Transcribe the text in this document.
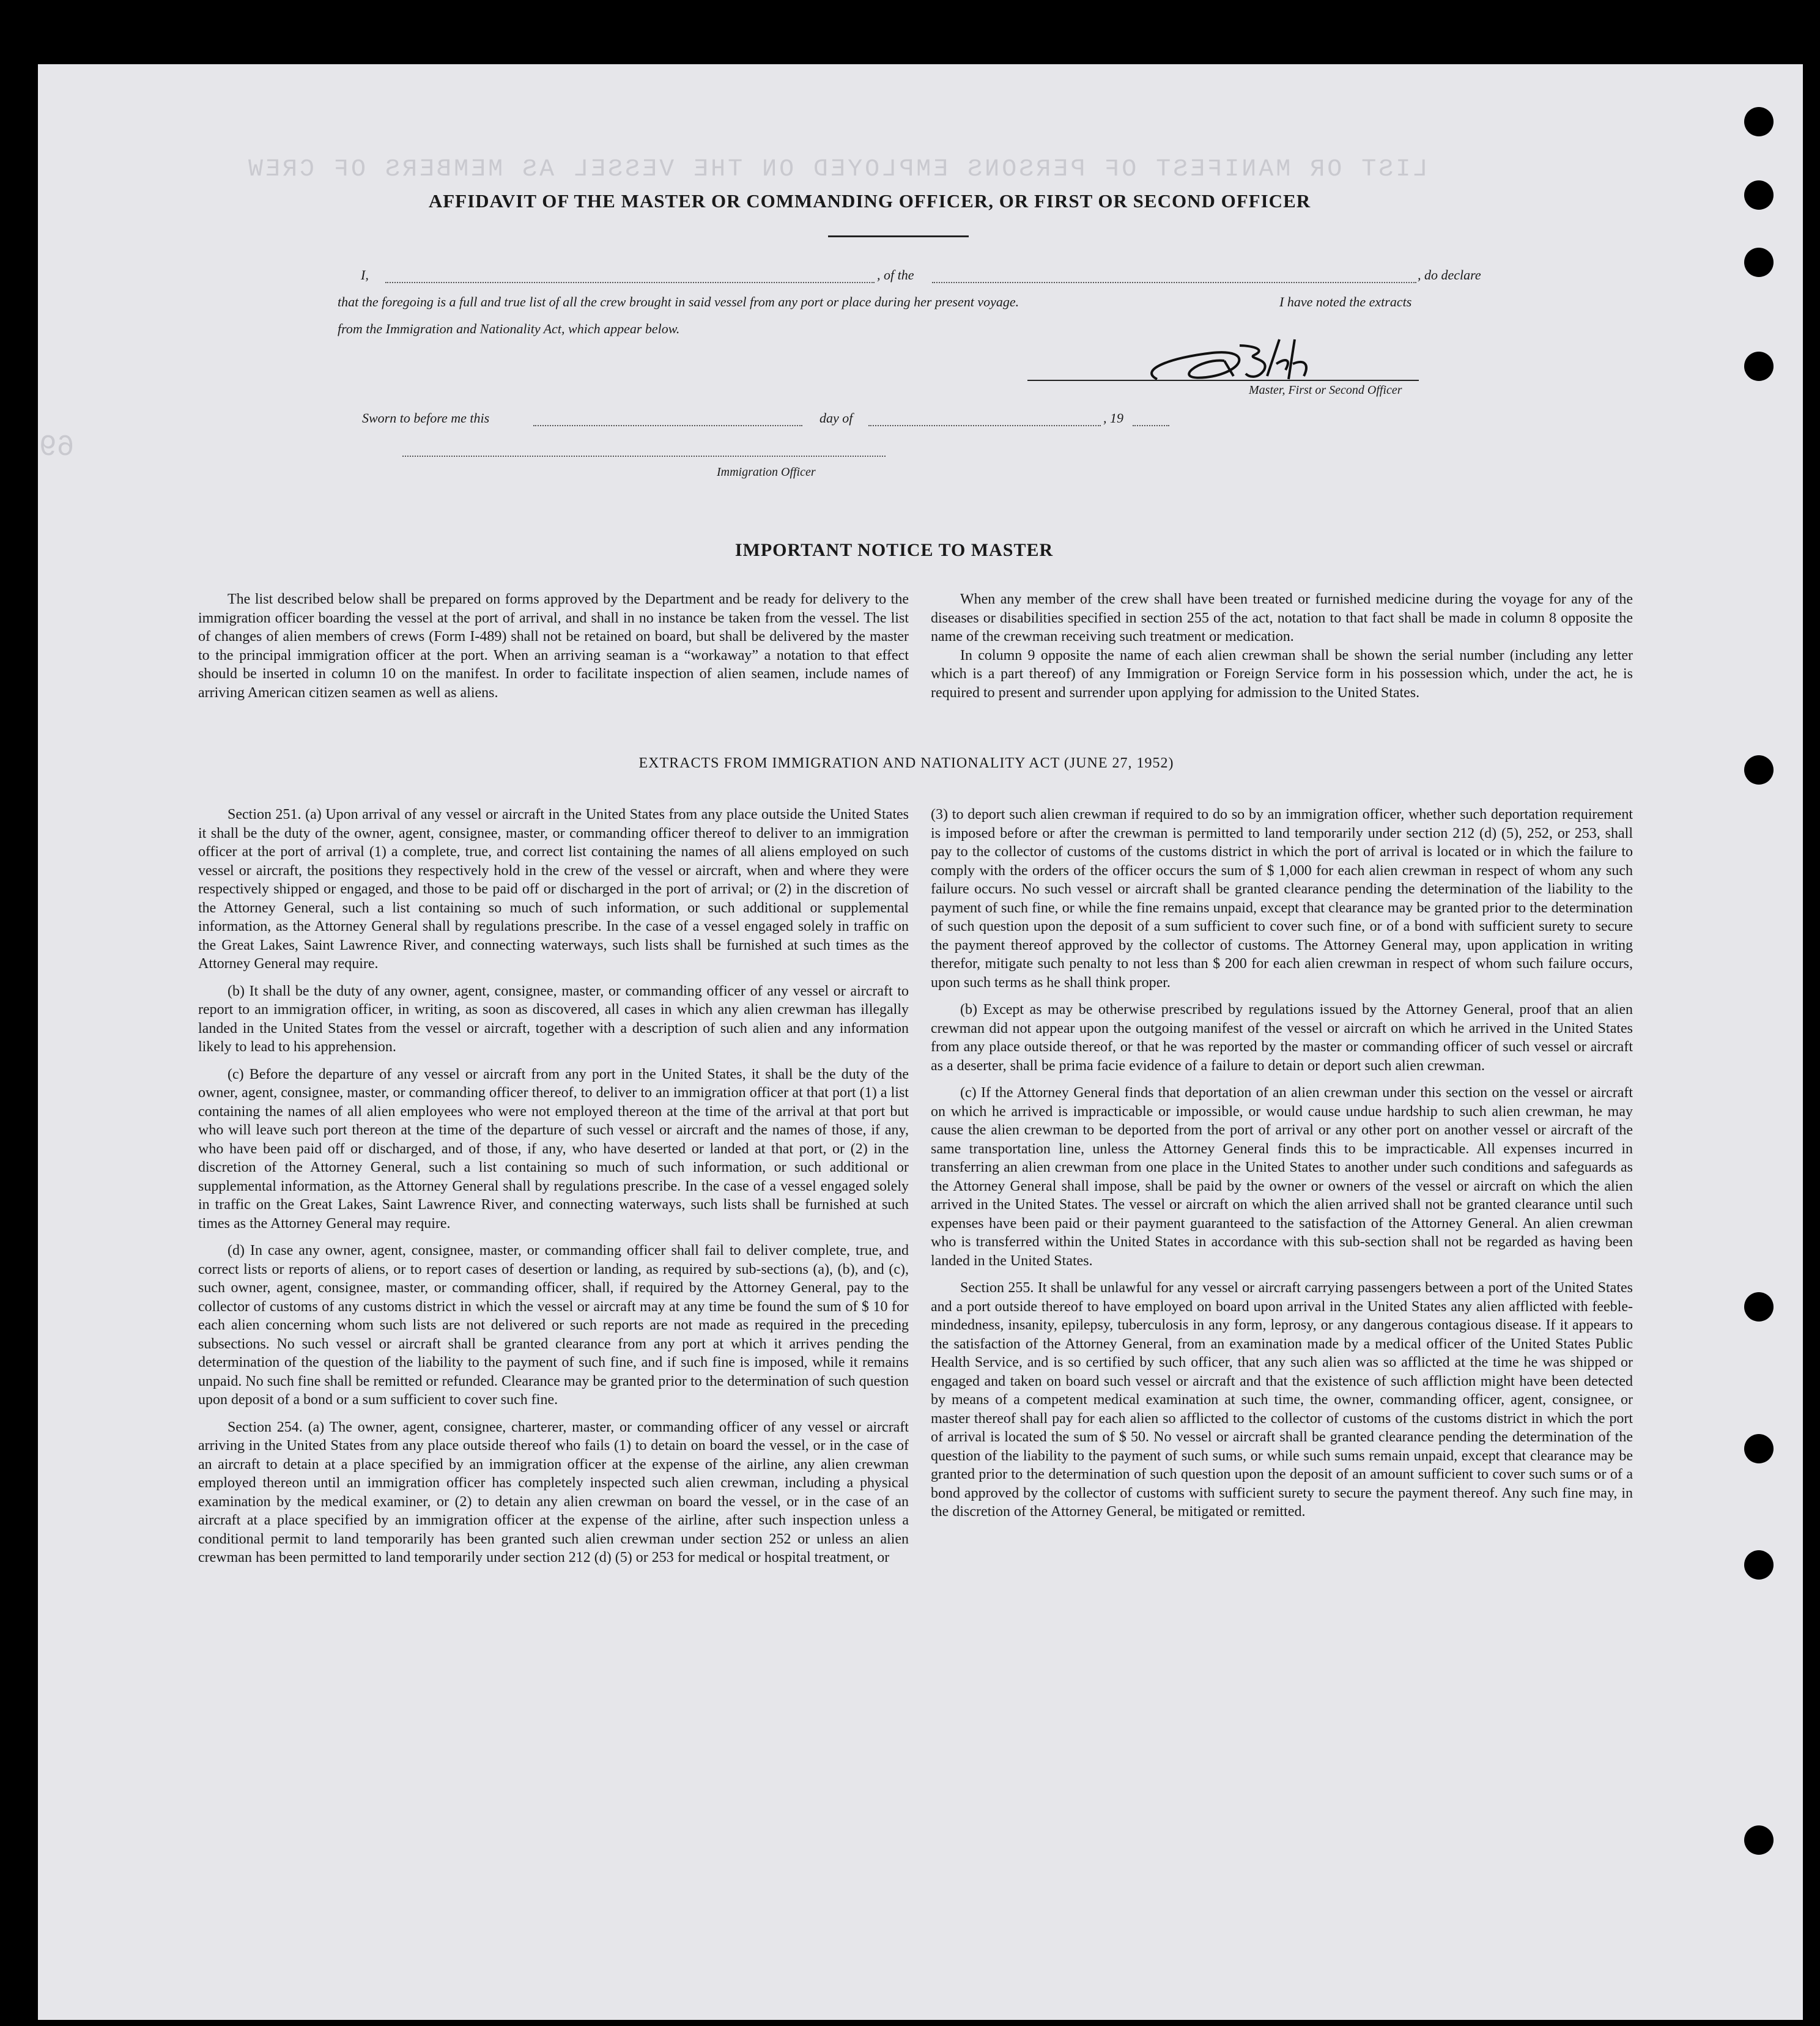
LIST OR MANIFEST OF PERSONS EMPLOYED ON THE VESSEL AS MEMBERS OF CREW
69
AFFIDAVIT OF THE MASTER OR COMMANDING OFFICER, OR FIRST OR SECOND OFFICER
I,	, of the	, do declare
that the foregoing is a full and true list of all the crew brought in said vessel from any port or place during her present voyage.	I have noted the extracts
from the Immigration and Nationality Act, which appear below.
Master, First or Second Officer
Sworn to before me this	day of	, 19
Immigration Officer
IMPORTANT NOTICE TO MASTER

The list described below shall be prepared on forms approved by the Department and be ready for delivery to the immigration officer boarding the vessel at the port of arrival, and shall in no instance be taken from the vessel. The list of changes of alien members of crews (Form I-489) shall not be retained on board, but shall be delivered by the master to the principal immigration officer at the port. When an arriving seaman is a “workaway” a notation to that effect should be inserted in column 10 on the manifest. In order to facilitate inspection of alien seamen, include names of arriving American citizen seamen as well as aliens.

When any member of the crew shall have been treated or furnished medicine during the voyage for any of the diseases or disabilities specified in section 255 of the act, notation to that fact shall be made in column 8 opposite the name of the crewman receiving such treatment or medication.

In column 9 opposite the name of each alien crewman shall be shown the serial number (including any letter which is a part thereof) of any Immigration or Foreign Service form in his possession which, under the act, he is required to present and surrender upon applying for admission to the United States.

EXTRACTS FROM IMMIGRATION AND NATIONALITY ACT (JUNE 27, 1952)

Section 251. (a) Upon arrival of any vessel or aircraft in the United States from any place outside the United States it shall be the duty of the owner, agent, consignee, master, or commanding officer thereof to deliver to an immigration officer at the port of arrival (1) a complete, true, and correct list containing the names of all aliens employed on such vessel or aircraft, the positions they respectively hold in the crew of the vessel or aircraft, when and where they were respectively shipped or engaged, and those to be paid off or discharged in the port of arrival; or (2) in the discretion of the Attorney General, such a list containing so much of such information, or such additional or supplemental information, as the Attorney General shall by regulations prescribe. In the case of a vessel engaged solely in traffic on the Great Lakes, Saint Lawrence River, and connecting waterways, such lists shall be furnished at such times as the Attorney General may require.

(b) It shall be the duty of any owner, agent, consignee, master, or commanding officer of any vessel or aircraft to report to an immigration officer, in writing, as soon as discovered, all cases in which any alien crewman has illegally landed in the United States from the vessel or aircraft, together with a description of such alien and any information likely to lead to his apprehension.

(c) Before the departure of any vessel or aircraft from any port in the United States, it shall be the duty of the owner, agent, consignee, master, or commanding officer thereof, to deliver to an immigration officer at that port (1) a list containing the names of all alien employees who were not employed thereon at the time of the arrival at that port but who will leave such port thereon at the time of the departure of such vessel or aircraft and the names of those, if any, who have been paid off or discharged, and of those, if any, who have deserted or landed at that port, or (2) in the discretion of the Attorney General, such a list containing so much of such information, or such additional or supplemental information, as the Attorney General shall by regulations prescribe. In the case of a vessel engaged solely in traffic on the Great Lakes, Saint Lawrence River, and connecting waterways, such lists shall be furnished at such times as the Attorney General may require.

(d) In case any owner, agent, consignee, master, or commanding officer shall fail to deliver complete, true, and correct lists or reports of aliens, or to report cases of desertion or landing, as required by sub-sections (a), (b), and (c), such owner, agent, consignee, master, or commanding officer, shall, if required by the Attorney General, pay to the collector of customs of any customs district in which the vessel or aircraft may at any time be found the sum of $ 10 for each alien concerning whom such lists are not delivered or such reports are not made as required in the preceding subsections. No such vessel or aircraft shall be granted clearance from any port at which it arrives pending the determination of the question of the liability to the payment of such fine, and if such fine is imposed, while it remains unpaid. No such fine shall be remitted or refunded. Clearance may be granted prior to the determination of such question upon deposit of a bond or a sum sufficient to cover such fine.

Section 254. (a) The owner, agent, consignee, charterer, master, or commanding officer of any vessel or aircraft arriving in the United States from any place outside thereof who fails (1) to detain on board the vessel, or in the case of an aircraft to detain at a place specified by an immigration officer at the expense of the airline, any alien crewman employed thereon until an immigration officer has completely inspected such alien crewman, including a physical examination by the medical examiner, or (2) to detain any alien crewman on board the vessel, or in the case of an aircraft at a place specified by an immigration officer at the expense of the airline, after such inspection unless a conditional permit to land temporarily has been granted such alien crewman under section 252 or unless an alien crewman has been permitted to land temporarily under section 212 (d) (5) or 253 for medical or hospital treatment, or

(3) to deport such alien crewman if required to do so by an immigration officer, whether such deportation requirement is imposed before or after the crewman is permitted to land temporarily under section 212 (d) (5), 252, or 253, shall pay to the collector of customs of the customs district in which the port of arrival is located or in which the failure to comply with the orders of the officer occurs the sum of $ 1,000 for each alien crewman in respect of whom any such failure occurs. No such vessel or aircraft shall be granted clearance pending the determination of the liability to the payment of such fine, or while the fine remains unpaid, except that clearance may be granted prior to the determination of such question upon the deposit of a sum sufficient to cover such fine, or of a bond with sufficient surety to secure the payment thereof approved by the collector of customs. The Attorney General may, upon application in writing therefor, mitigate such penalty to not less than $ 200 for each alien crewman in respect of whom such failure occurs, upon such terms as he shall think proper.

(b) Except as may be otherwise prescribed by regulations issued by the Attorney General, proof that an alien crewman did not appear upon the outgoing manifest of the vessel or aircraft on which he arrived in the United States from any place outside thereof, or that he was reported by the master or commanding officer of such vessel or aircraft as a deserter, shall be prima facie evidence of a failure to detain or deport such alien crewman.

(c) If the Attorney General finds that deportation of an alien crewman under this section on the vessel or aircraft on which he arrived is impracticable or impossible, or would cause undue hardship to such alien crewman, he may cause the alien crewman to be deported from the port of arrival or any other port on another vessel or aircraft of the same transportation line, unless the Attorney General finds this to be impracticable. All expenses incurred in transferring an alien crewman from one place in the United States to another under such conditions and safeguards as the Attorney General shall impose, shall be paid by the owner or owners of the vessel or aircraft on which the alien arrived in the United States. The vessel or aircraft on which the alien arrived shall not be granted clearance until such expenses have been paid or their payment guaranteed to the satisfaction of the Attorney General. An alien crewman who is transferred within the United States in accordance with this sub-section shall not be regarded as having been landed in the United States.

Section 255. It shall be unlawful for any vessel or aircraft carrying passengers between a port of the United States and a port outside thereof to have employed on board upon arrival in the United States any alien afflicted with feeble-mindedness, insanity, epilepsy, tuberculosis in any form, leprosy, or any dangerous contagious disease. If it appears to the satisfaction of the Attorney General, from an examination made by a medical officer of the United States Public Health Service, and is so certified by such officer, that any such alien was so afflicted at the time he was shipped or engaged and taken on board such vessel or aircraft and that the existence of such affliction might have been detected by means of a competent medical examination at such time, the owner, commanding officer, agent, consignee, or master thereof shall pay for each alien so afflicted to the collector of customs of the customs district in which the port of arrival is located the sum of $ 50. No vessel or aircraft shall be granted clearance pending the determination of the question of the liability to the payment of such sums, or while such sums remain unpaid, except that clearance may be granted prior to the determination of such question upon the deposit of an amount sufficient to cover such sums or of a bond approved by the collector of customs with sufficient surety to secure the payment thereof. Any such fine may, in the discretion of the Attorney General, be mitigated or remitted.
